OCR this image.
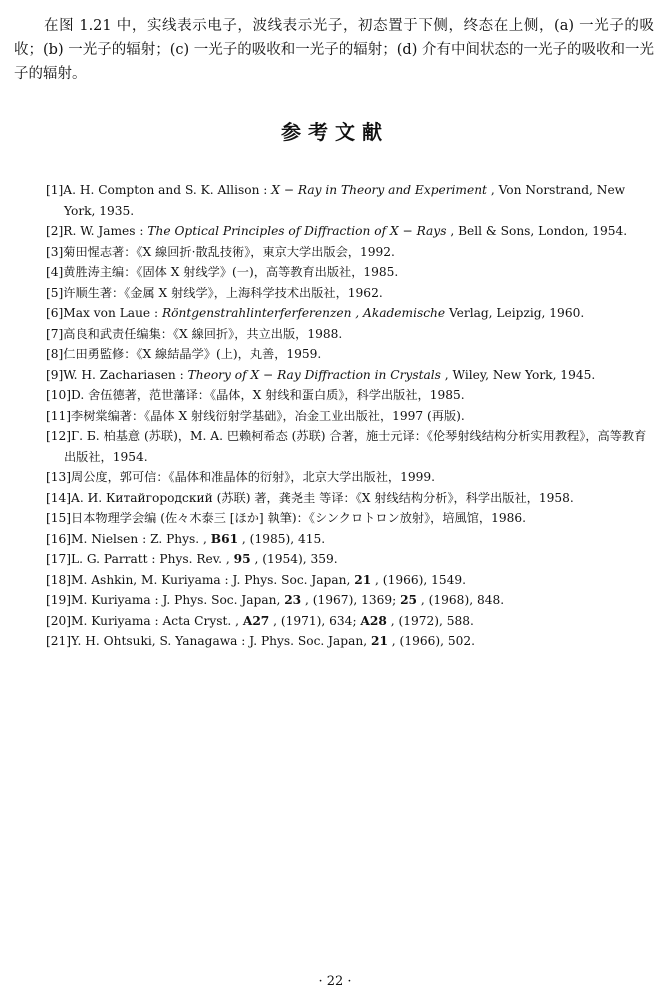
在图 1.21 中，实线表示电子，波线表示光子，初态置于下侧，终态在上侧，(a) 一光子的吸收；(b) 一光子的辐射；(c) 一光子的吸收和一光子的辐射；(d) 介有中间状态的一光子的吸收和一光子的辐射。

参考文献
[1]A. H. Compton and S. K. Allison : X − Ray in Theory and Experiment , Von Norstrand, New York, 1935.
[2]R. W. James : The Optical Principles of Diffraction of X − Rays , Bell & Sons, London, 1954.
[3]菊田惺志著：《X 線回折·散乱技術》，東京大学出版会，1992.
[4]黄胜涛主编：《固体 X 射线学》(一)，高等教育出版社，1985.
[5]许顺生著：《金属 X 射线学》，上海科学技术出版社，1962.
[6]Max von Laue : Röntgenstrahlinterferferenzen , Akademische Verlag, Leipzig, 1960.
[7]高良和武责任编集：《X 線回折》，共立出版，1988.
[8]仁田勇監修：《X 線結晶学》(上)，丸善，1959.
[9]W. H. Zachariasen : Theory of X − Ray Diffraction in Crystals , Wiley, New York, 1945.
[10]D. 舍伍德著，范世藩译：《晶体，X 射线和蛋白质》，科学出版社，1985.
[11]李树棠编著：《晶体 X 射线衍射学基础》，冶金工业出版社，1997 (再版).
[12]Г. Б. 柏基意 (苏联)，M. A. 巴赖柯希态 (苏联) 合著，施士元译：《伦琴射线结构分析实用教程》，高等教育出版社，1954.
[13]周公度，郭可信：《晶体和准晶体的衍射》，北京大学出版社，1999.
[14]A. И. Китайгородский (苏联) 著，龚尧圭 等译：《X 射线结构分析》，科学出版社，1958.
[15]日本物理学会编 (佐々木泰三 [ほか] 執筆)：《シンクロトロン放射》，培風馆，1986.
[16]M. Nielsen : Z. Phys. , B61 , (1985), 415.
[17]L. G. Parratt : Phys. Rev. , 95 , (1954), 359.
[18]M. Ashkin, M. Kuriyama : J. Phys. Soc. Japan, 21 , (1966), 1549.
[19]M. Kuriyama : J. Phys. Soc. Japan, 23 , (1967), 1369; 25 , (1968), 848.
[20]M. Kuriyama : Acta Cryst. , A27 , (1971), 634; A28 , (1972), 588.
[21]Y. H. Ohtsuki, S. Yanagawa : J. Phys. Soc. Japan, 21 , (1966), 502.

· 22 ·
